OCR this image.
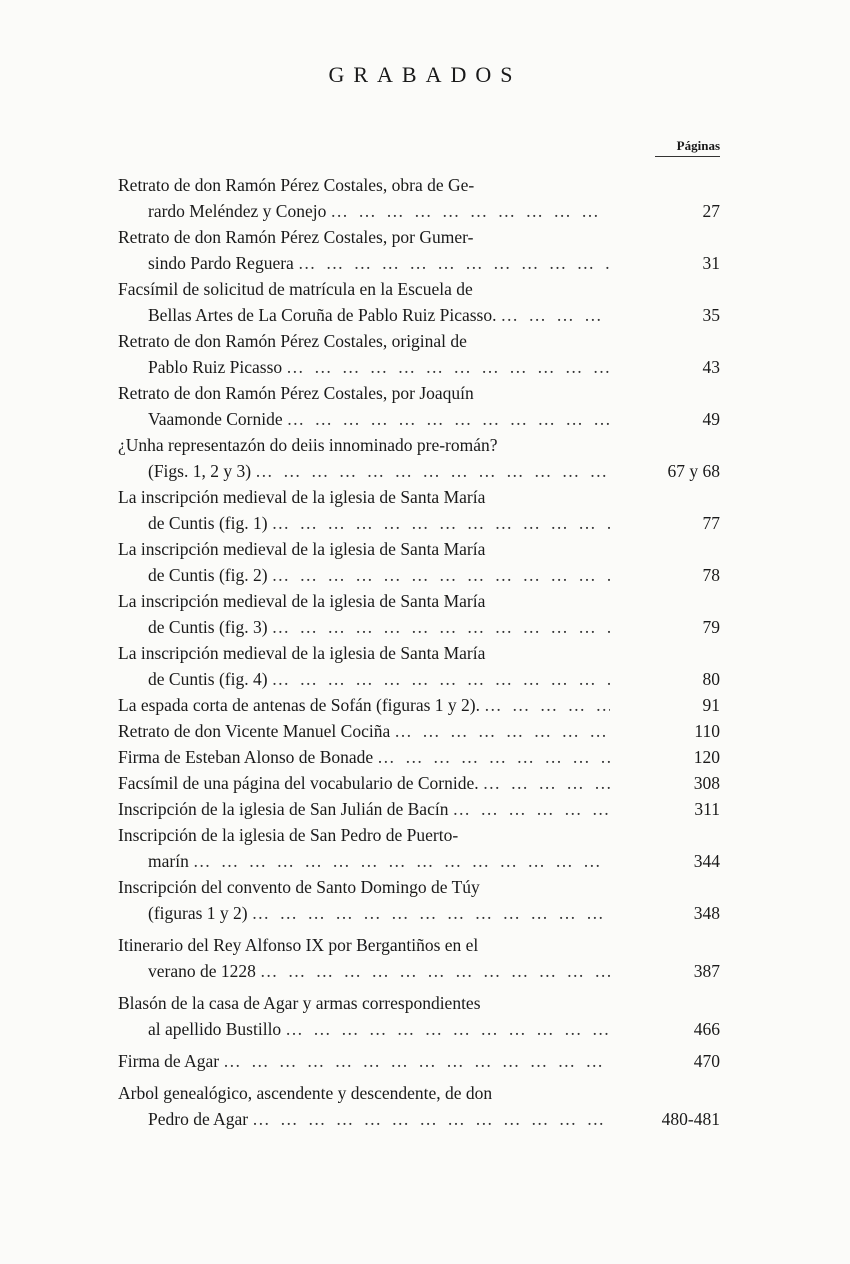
GRABADOS
Páginas
Retrato de don Ramón Pérez Costales, obra de Ge-
rardo Meléndez y Conejo … … … … … … … … … … … … … … … … … … … … … … … … … … … … … … … …	27
Retrato de don Ramón Pérez Costales, por Gumer-
sindo Pardo Reguera … … … … … … … … … … … … … … … … … … … … … … … … … … … … … … … …	31
Facsímil de solicitud de matrícula en la Escuela de
Bellas Artes de La Coruña de Pablo Ruiz Picasso. … … … … … … … … … … … … … … … … … … … … … … … … … … … … … … … …	35
Retrato de don Ramón Pérez Costales, original de
Pablo Ruiz Picasso … … … … … … … … … … … … … … … … … … … … … … … … … … … … … … … …	43
Retrato de don Ramón Pérez Costales, por Joaquín
Vaamonde Cornide … … … … … … … … … … … … … … … … … … … … … … … … … … … … … … … …	49
¿Unha representazón do deiis innominado pre-román?
(Figs. 1, 2 y 3) … … … … … … … … … … … … … … … … … … … … … … … … … … … … … … … …	67 y 68
La inscripción medieval de la iglesia de Santa María
de Cuntis (fig. 1) … … … … … … … … … … … … … … … … … … … … … … … … … … … … … … … …	77
La inscripción medieval de la iglesia de Santa María
de Cuntis (fig. 2) … … … … … … … … … … … … … … … … … … … … … … … … … … … … … … … …	78
La inscripción medieval de la iglesia de Santa María
de Cuntis (fig. 3) … … … … … … … … … … … … … … … … … … … … … … … … … … … … … … … …	79
La inscripción medieval de la iglesia de Santa María
de Cuntis (fig. 4) … … … … … … … … … … … … … … … … … … … … … … … … … … … … … … … …	80
La espada corta de antenas de Sofán (figuras 1 y 2). … … … … … … … … … … … … … … … … … … … … … … … … … … … … … … … …	91
Retrato de don Vicente Manuel Cociña … … … … … … … … … … … … … … … … … … … … … … … … … … … … … … … …	110
Firma de Esteban Alonso de Bonade … … … … … … … … … … … … … … … … … … … … … … … … … … … … … … … …	120
Facsímil de una página del vocabulario de Cornide. … … … … … … … … … … … … … … … … … … … … … … … … … … … … … … … …	308
Inscripción de la iglesia de San Julián de Bacín … … … … … … … … … … … … … … … … … … … … … … … … … … … … … … … …	311
Inscripción de la iglesia de San Pedro de Puerto-
marín … … … … … … … … … … … … … … … … … … … … … … … … … … … … … … … …	344
Inscripción del convento de Santo Domingo de Túy
(figuras 1 y 2) … … … … … … … … … … … … … … … … … … … … … … … … … … … … … … … …	348
Itinerario del Rey Alfonso IX por Bergantiños en el
verano de 1228 … … … … … … … … … … … … … … … … … … … … … … … … … … … … … … … …	387
Blasón de la casa de Agar y armas correspondientes
al apellido Bustillo … … … … … … … … … … … … … … … … … … … … … … … … … … … … … … … …	466
Firma de Agar … … … … … … … … … … … … … … … … … … … … … … … … … … … … … … … …	470
Arbol genealógico, ascendente y descendente, de don
Pedro de Agar … … … … … … … … … … … … … … … … … … … … … … … … … … … … … … … …	480-481
